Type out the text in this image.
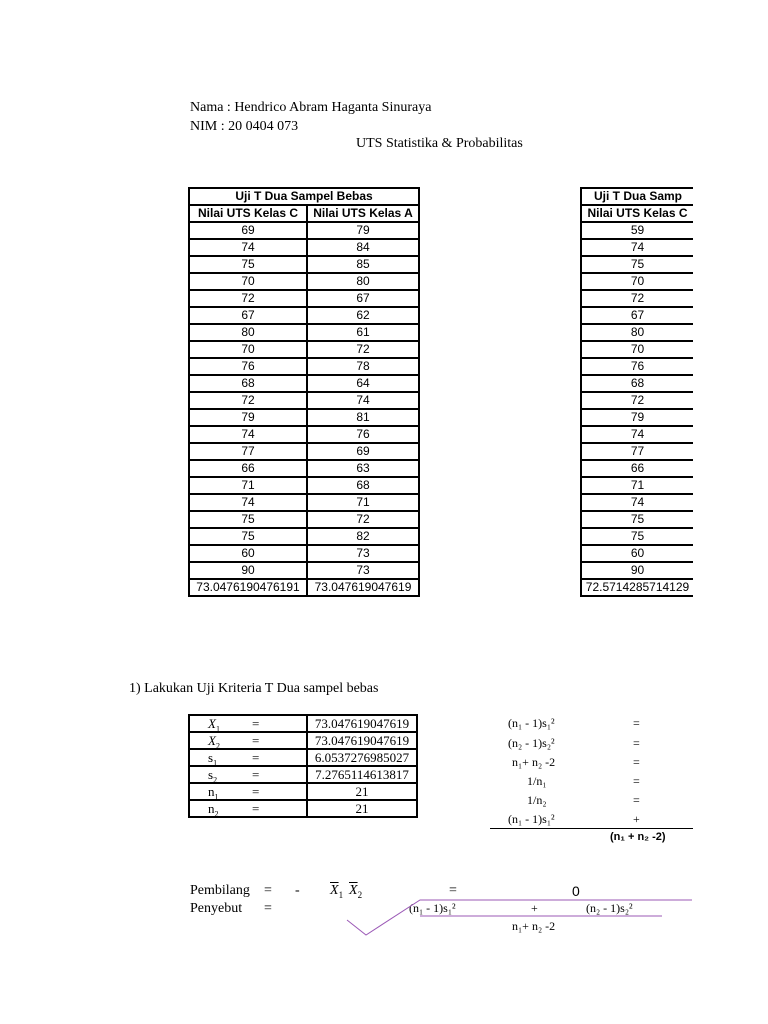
Nama : Hendrico Abram Haganta Sinuraya
NIM : 20 0404 073
UTS Statistika & Probabilitas
Uji T Dua Sampel Bebas	
Nilai UTS Kelas C	Nilai UTS Kelas A
69	79
74	84
75	85
70	80
72	67
67	62
80	61
70	72
76	78
68	64
72	74
79	81
74	76
77	69
66	63
71	68
74	71
75	72
75	82
60	73
90	73
73.0476190476191	73.047619047619
Uji T Dua Samp
Nilai UTS Kelas C
59
74
75
70
72
67
80
70
76
68
72
79
74
77
66
71
74
75
75
60
90
72.5714285714129
1) Lakukan Uji Kriteria T Dua sampel bebas
$\overline{X}_1$ =	73.047619047619

$\overline{X}_2$ =	73.047619047619

$s_1$ =	6.0537276985027

$s_2$ =	7.2765114613817

$n_1$ =	21

$n_2$ =	21
(n₁ - 1)s₁²	=
(n₂ - 1)s₂²	=
n₁+ n₂ -2	=
1/n₁	=
1/n₂	=
(n₁ - 1)s₁²	+
(n₁ + n₂ -2)
Pembilang = - $\overline{X}_1$ $\overline{X}_2$	=	0
Penyebut =	(n₁ - 1)s₁²	+	(n₂ - 1)s₂²
n₁+ n₂ -2
